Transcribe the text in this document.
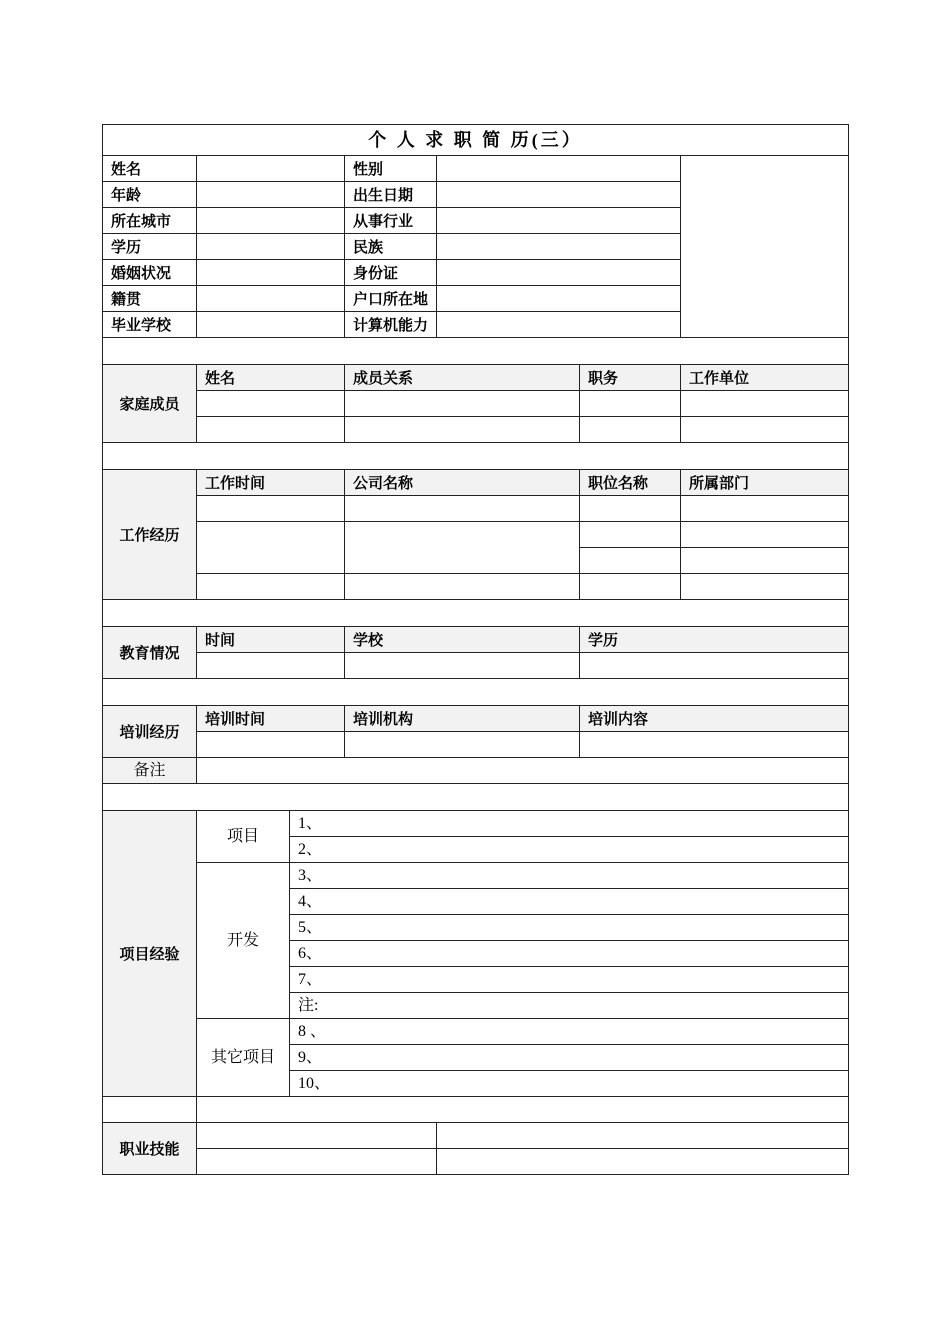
个 人 求 职 简 历(三）						
姓名			性别			
年龄			出生日期			
所在城市			从事行业			
学历			民族			
婚姻状况			身份证			
籍贯			户口所在地			
毕业学校			计算机能力			

家庭成员	姓名		成员关系		职务	工作单位

工作经历	工作时间		公司名称		职位名称	所属部门

教育情况	时间		学校		学历	

培训经历	培训时间		培训机构		培训内容	

备注						

项目经验	项目	1、				
		2、				
	开发	3、				
		4、				
		5、				
		6、				
		7、				
		注:				
	其它项目	8 、				
		9、				
		10、				

职业技能						
